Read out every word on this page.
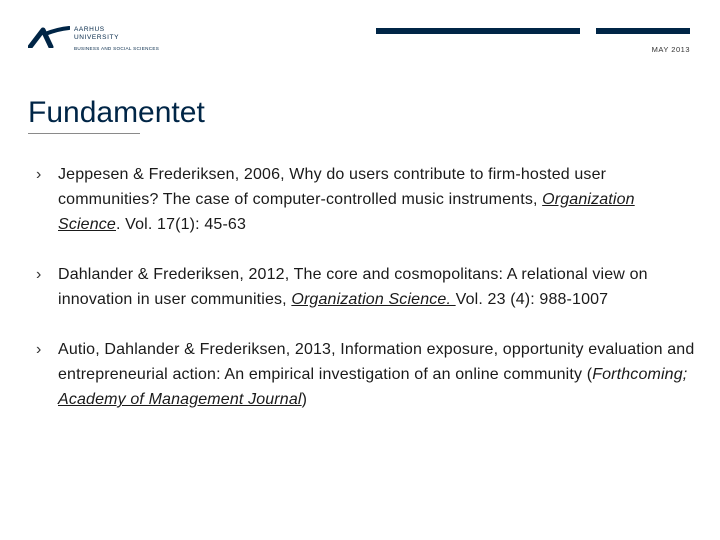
AARHUS
UNIVERSITY
BUSINESS AND SOCIAL SCIENCES	MAY 2013
Fundamentet
› Jeppesen & Frederiksen, 2006, Why do users contribute to firm-hosted user communities? The case of computer-controlled music instruments, Organization Science. Vol. 17(1): 45-63
› Dahlander & Frederiksen, 2012, The core and cosmopolitans: A relational view on innovation in user communities, Organization Science. Vol. 23 (4): 988-1007
› Autio, Dahlander & Frederiksen, 2013, Information exposure, opportunity evaluation and entrepreneurial action: An empirical investigation of an online community (Forthcoming; Academy of Management Journal)
